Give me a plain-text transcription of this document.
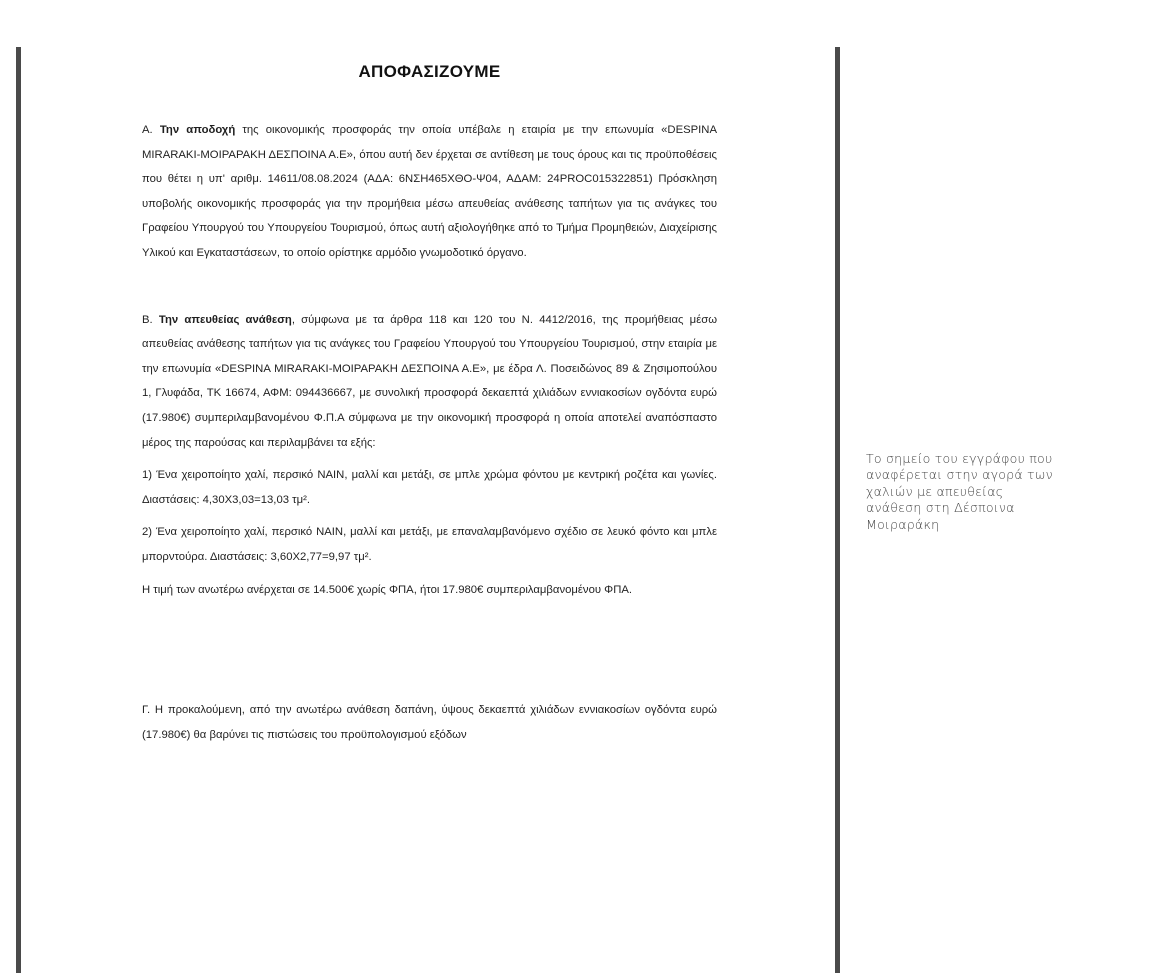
ΑΠΟΦΑΣΙΖΟΥΜΕ

Α. Την αποδοχή της οικονομικής προσφοράς την οποία υπέβαλε η εταιρία με την επωνυμία «DESPINA MIRARAKI-ΜΟΙΡΑΡΑΚΗ ΔΕΣΠΟΙΝΑ Α.Ε», όπου αυτή δεν έρχεται σε αντίθεση με τους όρους και τις προϋποθέσεις που θέτει η υπ' αριθμ. 14611/08.08.2024 (ΑΔΑ: 6ΝΣΗ465ΧΘΟ-Ψ04, ΑΔΑΜ: 24PROC015322851) Πρόσκληση υποβολής οικονομικής προσφοράς για την προμήθεια μέσω απευθείας ανάθεσης ταπήτων για τις ανάγκες του Γραφείου Υπουργού του Υπουργείου Τουρισμού, όπως αυτή αξιολογήθηκε από το Τμήμα Προμηθειών, Διαχείρισης Υλικού και Εγκαταστάσεων, το οποίο ορίστηκε αρμόδιο γνωμοδοτικό όργανο.

Β. Την απευθείας ανάθεση, σύμφωνα με τα άρθρα 118 και 120 του Ν. 4412/2016, της προμήθειας μέσω απευθείας ανάθεσης ταπήτων για τις ανάγκες του Γραφείου Υπουργού του Υπουργείου Τουρισμού, στην εταιρία με την επωνυμία «DESPINA MIRARAKI-ΜΟΙΡΑΡΑΚΗ ΔΕΣΠΟΙΝΑ Α.Ε», με έδρα Λ. Ποσειδώνος 89 & Ζησιμοπούλου 1, Γλυφάδα, ΤΚ 16674, ΑΦΜ: 094436667, με συνολική προσφορά δεκαεπτά χιλιάδων εννιακοσίων ογδόντα ευρώ (17.980€) συμπεριλαμβανομένου Φ.Π.Α σύμφωνα με την οικονομική προσφορά η οποία αποτελεί αναπόσπαστο μέρος της παρούσας και περιλαμβάνει τα εξής:

1) Ένα χειροποίητο χαλί, περσικό NAIN, μαλλί και μετάξι, σε μπλε χρώμα φόντου με κεντρική ροζέτα και γωνίες. Διαστάσεις: 4,30Χ3,03=13,03 τμ².

2) Ένα χειροποίητο χαλί, περσικό NAIN, μαλλί και μετάξι, με επαναλαμβανόμενο σχέδιο σε λευκό φόντο και μπλε μπορντούρα. Διαστάσεις: 3,60Χ2,77=9,97 τμ².

Η τιμή των ανωτέρω ανέρχεται σε 14.500€ χωρίς ΦΠΑ, ήτοι 17.980€ συμπεριλαμβανομένου ΦΠΑ.

Γ. Η προκαλούμενη, από την ανωτέρω ανάθεση δαπάνη, ύψους δεκαεπτά χιλιάδων εννιακοσίων ογδόντα ευρώ (17.980€) θα βαρύνει τις πιστώσεις του προϋπολογισμού εξόδων

Το σημείο του εγγράφου που αναφέρεται στην αγορά των χαλιών με απευθείας ανάθεση στη Δέσποινα Μοιραράκη
